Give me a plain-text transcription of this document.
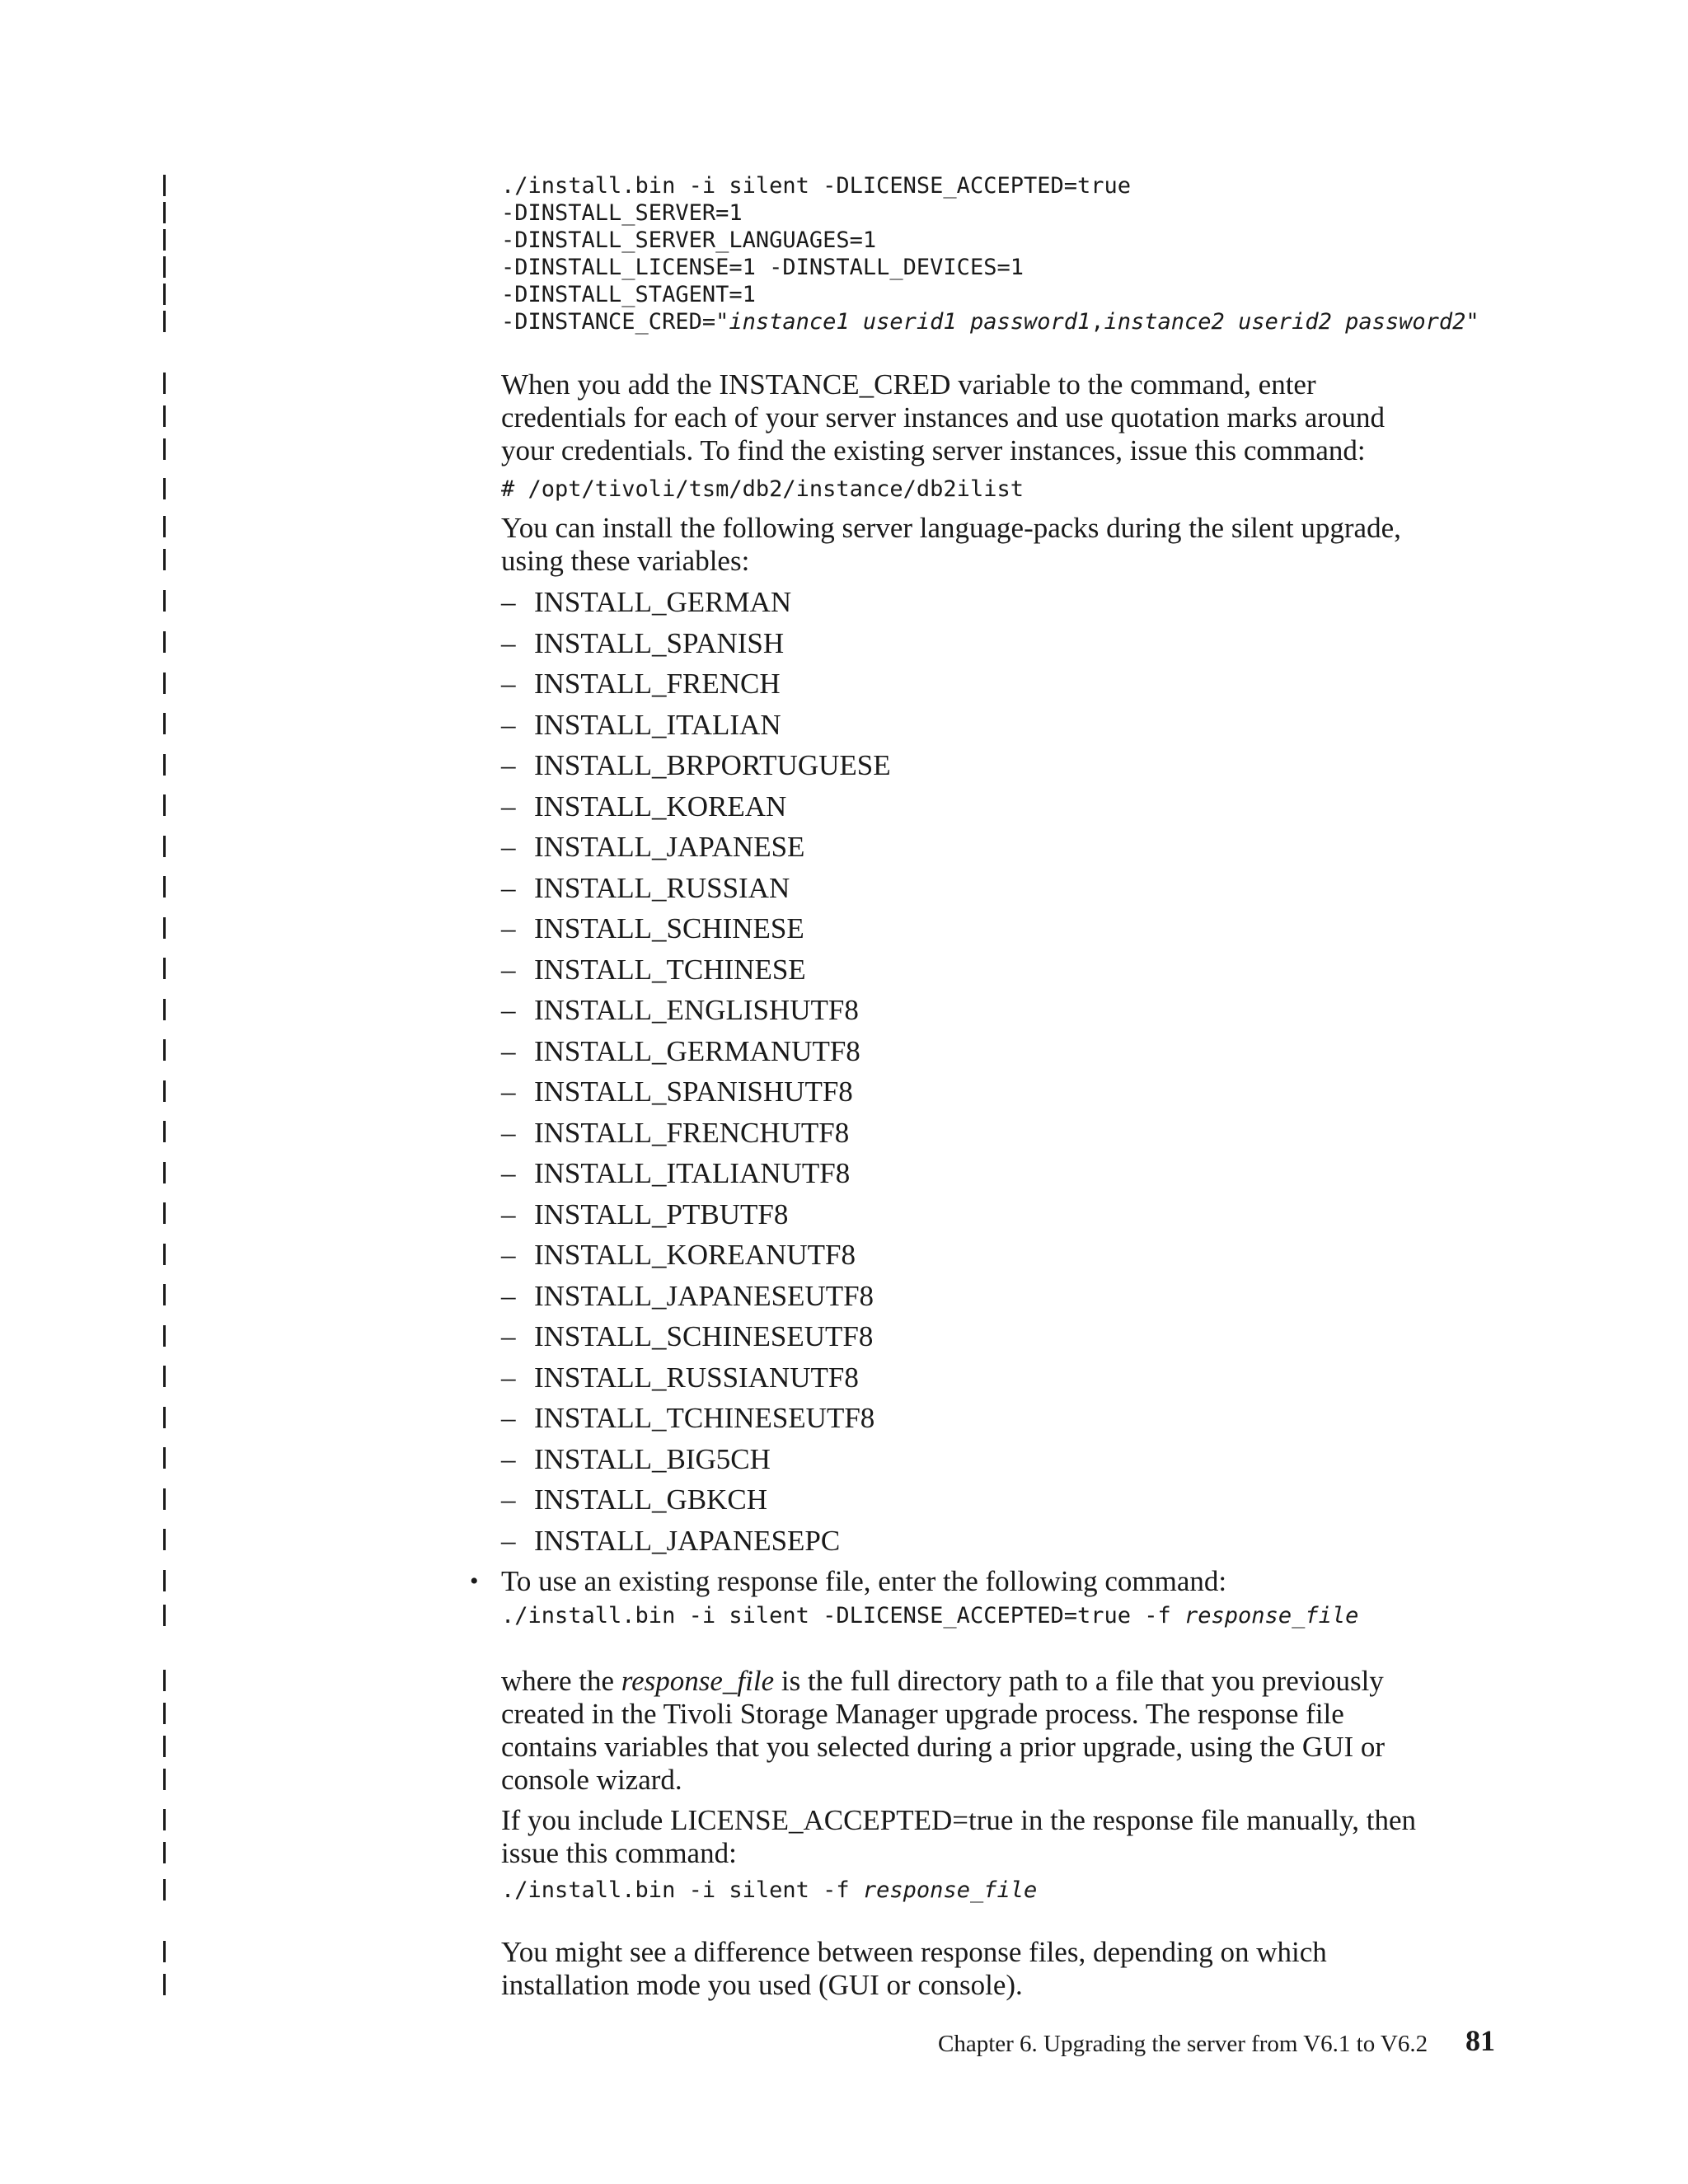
./install.bin -i silent -DLICENSE_ACCEPTED=true
-DINSTALL_SERVER=1
-DINSTALL_SERVER_LANGUAGES=1
-DINSTALL_LICENSE=1 -DINSTALL_DEVICES=1
-DINSTALL_STAGENT=1
-DINSTANCE_CRED="instance1 userid1 password1,instance2 userid2 password2"
When you add the INSTANCE_CRED variable to the command, enter
credentials for each of your server instances and use quotation marks around
your credentials. To find the existing server instances, issue this command:
# /opt/tivoli/tsm/db2/instance/db2ilist
You can install the following server language-packs during the silent upgrade,
using these variables:
– INSTALL_GERMAN
– INSTALL_SPANISH
– INSTALL_FRENCH
– INSTALL_ITALIAN
– INSTALL_BRPORTUGUESE
– INSTALL_KOREAN
– INSTALL_JAPANESE
– INSTALL_RUSSIAN
– INSTALL_SCHINESE
– INSTALL_TCHINESE
– INSTALL_ENGLISHUTF8
– INSTALL_GERMANUTF8
– INSTALL_SPANISHUTF8
– INSTALL_FRENCHUTF8
– INSTALL_ITALIANUTF8
– INSTALL_PTBUTF8
– INSTALL_KOREANUTF8
– INSTALL_JAPANESEUTF8
– INSTALL_SCHINESEUTF8
– INSTALL_RUSSIANUTF8
– INSTALL_TCHINESEUTF8
– INSTALL_BIG5CH
– INSTALL_GBKCH
– INSTALL_JAPANESEPC
• To use an existing response file, enter the following command:
./install.bin -i silent -DLICENSE_ACCEPTED=true -f response_file
where the response_file is the full directory path to a file that you previously
created in the Tivoli Storage Manager upgrade process. The response file
contains variables that you selected during a prior upgrade, using the GUI or
console wizard.
If you include LICENSE_ACCEPTED=true in the response file manually, then
issue this command:
./install.bin -i silent -f response_file
You might see a difference between response files, depending on which
installation mode you used (GUI or console).
Chapter 6. Upgrading the server from V6.1 to V6.2 81
